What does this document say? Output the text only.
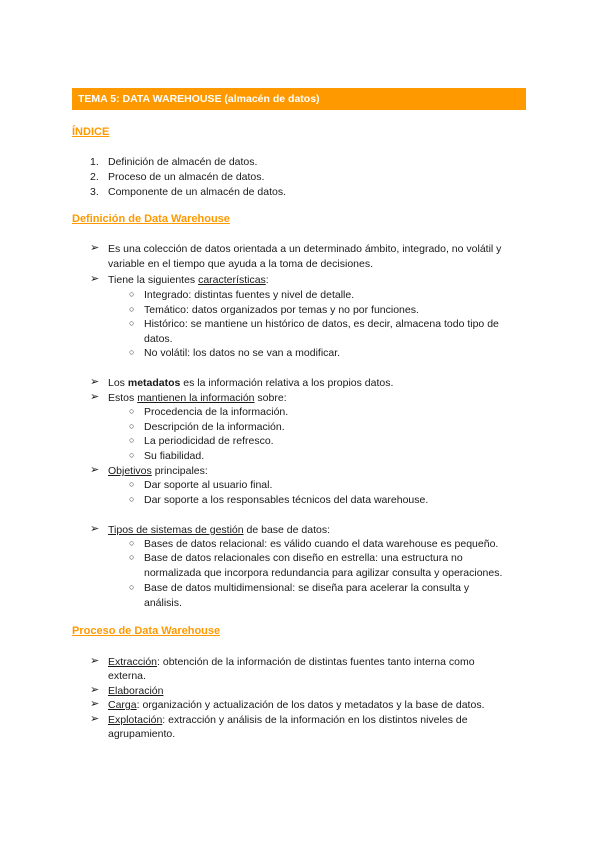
TEMA 5: DATA WAREHOUSE (almacén de datos)
ÍNDICE
1. Definición de almacén de datos.
2. Proceso de un almacén de datos.
3. Componente de un almacén de datos.
Definición de Data Warehouse
➢ Es una colección de datos orientada a un determinado ámbito, integrado, no volátil y
variable en el tiempo que ayuda a la toma de decisiones.
➢ Tiene la siguientes características:
○ Integrado: distintas fuentes y nivel de detalle.
○ Temático: datos organizados por temas y no por funciones.
○ Histórico: se mantiene un histórico de datos, es decir, almacena todo tipo de
datos.
○ No volátil: los datos no se van a modificar.
➢ Los metadatos es la información relativa a los propios datos.
➢ Estos mantienen la información sobre:
○ Procedencia de la información.
○ Descripción de la información.
○ La periodicidad de refresco.
○ Su fiabilidad.
➢ Objetivos principales:
○ Dar soporte al usuario final.
○ Dar soporte a los responsables técnicos del data warehouse.
➢ Tipos de sistemas de gestión de base de datos:
○ Bases de datos relacional: es válido cuando el data warehouse es pequeño.
○ Base de datos relacionales con diseño en estrella: una estructura no
normalizada que incorpora redundancia para agilizar consulta y operaciones.
○ Base de datos multidimensional: se diseña para acelerar la consulta y
análisis.
Proceso de Data Warehouse
➢ Extracción: obtención de la información de distintas fuentes tanto interna como
externa.
➢ Elaboración
➢ Carga: organización y actualización de los datos y metadatos y la base de datos.
➢ Explotación: extracción y análisis de la información en los distintos niveles de
agrupamiento.
